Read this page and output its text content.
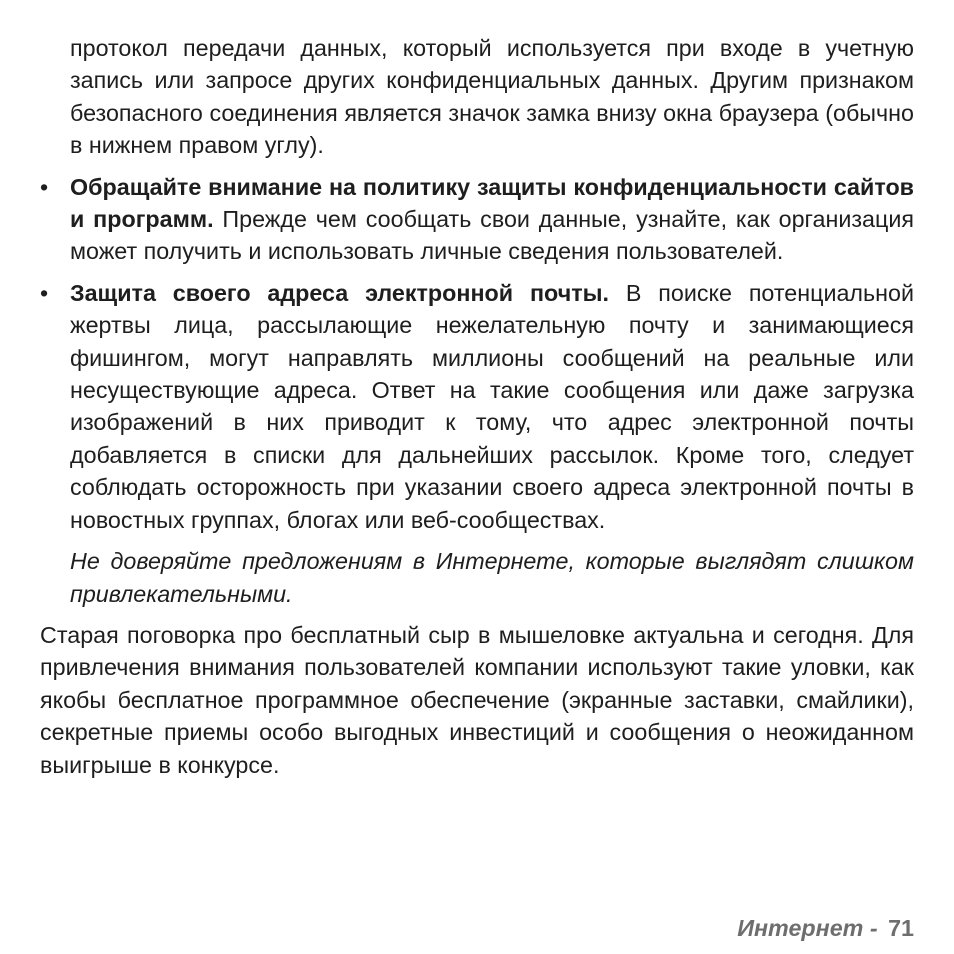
протокол передачи данных, который используется при входе в учетную запись или запросе других конфиденциальных данных. Другим признаком безопасного соединения является значок замка внизу окна браузера (обычно в нижнем правом углу).

• Обращайте внимание на политику защиты конфиденциальности сайтов и программ. Прежде чем сообщать свои данные, узнайте, как организация может получить и использовать личные сведения пользователей.
• Защита своего адреса электронной почты. В поиске потенциальной жертвы лица, рассылающие нежелательную почту и занимающиеся фишингом, могут направлять миллионы сообщений на реальные или несуществующие адреса. Ответ на такие сообщения или даже загрузка изображений в них приводит к тому, что адрес электронной почты добавляется в списки для дальнейших рассылок. Кроме того, следует соблюдать осторожность при указании своего адреса электронной почты в новостных группах, блогах или веб-сообществах.

Не доверяйте предложениям в Интернете, которые выглядят слишком привлекательными.

Старая поговорка про бесплатный сыр в мышеловке актуальна и сегодня. Для привлечения внимания пользователей компании используют такие уловки, как якобы бесплатное программное обеспечение (экранные заставки, смайлики), секретные приемы особо выгодных инвестиций и сообщения о неожиданном выигрыше в конкурсе.

Интернет - 71
